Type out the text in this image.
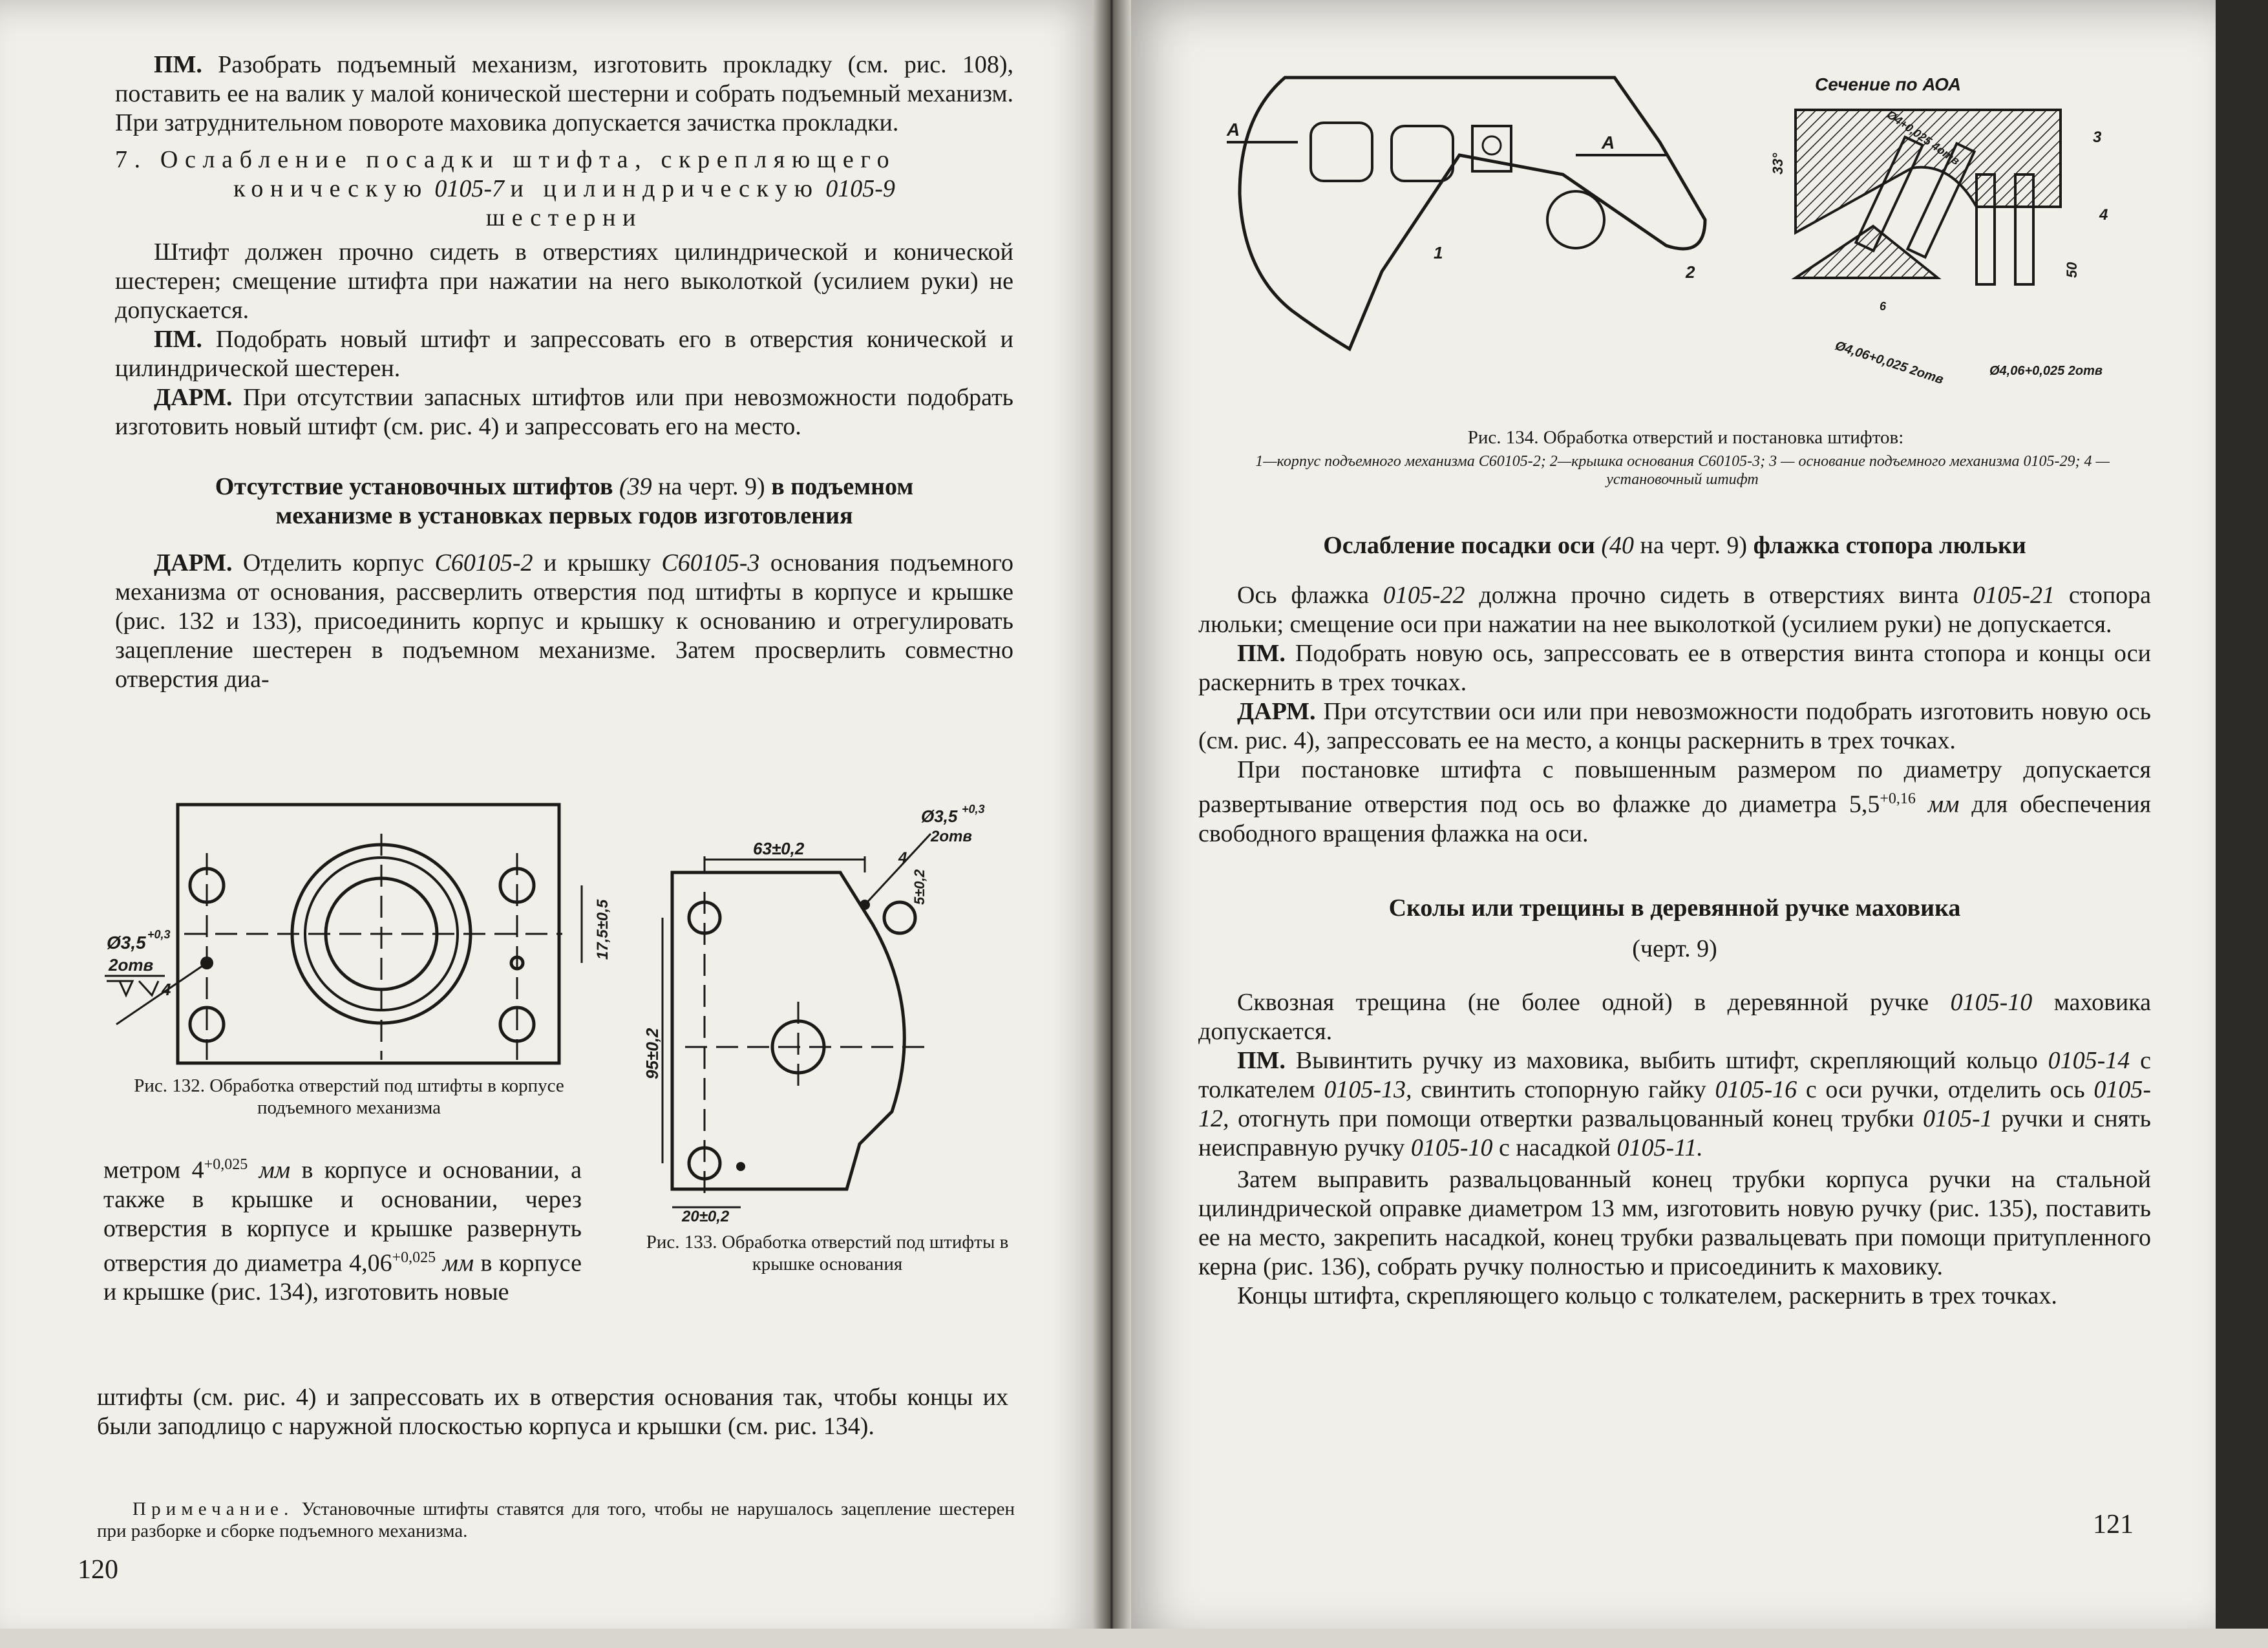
ПМ. Разобрать подъемный механизм, изготовить прокладку (см. рис. 108), поставить ее на валик у малой конической шестерни и собрать подъемный механизм. При затруднительном повороте маховика допускается зачистка прокладки.

7. Ослабление посадки штифта, скрепляющего

коническую 0105-7 и цилиндрическую 0105-9

шестерни

Штифт должен прочно сидеть в отверстиях цилиндрической и конической шестерен; смещение штифта при нажатии на него выколоткой (усилием руки) не допускается.

ПМ. Подобрать новый штифт и запрессовать его в отверстия конической и цилиндрической шестерен.

ДАРМ. При отсутствии запасных штифтов или при невозможности подобрать изготовить новый штифт (см. рис. 4) и запрессовать его на место.

Отсутствие установочных штифтов (39 на черт. 9) в подъемном механизме в установках первых годов изготовления

ДАРМ. Отделить корпус С60105-2 и крышку С60105-3 основания подъемного механизма от основания, рассверлить отверстия под штифты в корпусе и крышке (рис. 132 и 133), присоединить корпус и крышку к основанию и отрегулировать зацепление шестерен в подъемном механизме. Затем просверлить совместно отверстия диа-

Ø3,5 +0,3
2отв
4
17,5±0,5
63±0,2
95±0,2
20±0,2
5±0,2
Ø3,5 +0,3
2отв
4
Рис. 132. Обработка отверстий под штифты в корпусе подъемного механизма

метром $4^{+0,025}$ мм в корпусе и основании, а также в крышке и основании, через отверстия в корпусе и крышке развернуть отверстия до диаметра $4,06^{+0,025}$ мм в корпусе и крышке (рис. 134), изготовить новые

Рис. 133. Обработка отверстий под штифты в крышке основания

штифты (см. рис. 4) и запрессовать их в отверстия основания так, чтобы концы их были заподлицо с наружной плоскостью корпуса и крышки (см. рис. 134).

Примечание. Установочные штифты ставятся для того, чтобы не нарушалось зацепление шестерен при разборке и сборке подъемного механизма.

120
А
А
1
2
Сечение по АОА
3
4
33°
50
Ø4+0,025 4отв
Ø4,06+0,025 2отв	Ø4,06+0,025 2отв
6
Рис. 134. Обработка отверстий и постановка штифтов:
1—корпус подъемного механизма С60105-2; 2—крышка основания С60105-3; 3 — основание подъемного механизма 0105-29; 4 — установочный штифт

Ослабление посадки оси (40 на черт. 9) флажка стопора люльки

Ось флажка 0105-22 должна прочно сидеть в отверстиях винта 0105-21 стопора люльки; смещение оси при нажатии на нее выколоткой (усилием руки) не допускается.

ПМ. Подобрать новую ось, запрессовать ее в отверстия винта стопора и концы оси раскернить в трех точках.

ДАРМ. При отсутствии оси или при невозможности подобрать изготовить новую ось (см. рис. 4), запрессовать ее на место, а концы раскернить в трех точках.

При постановке штифта с повышенным размером по диаметру допускается развертывание отверстия под ось во флажке до диаметра $5,5^{+0,16}$ мм для обеспечения свободного вращения флажка на оси.

Сколы или трещины в деревянной ручке маховика

(черт. 9)

Сквозная трещина (не более одной) в деревянной ручке 0105-10 маховика допускается.

ПМ. Вывинтить ручку из маховика, выбить штифт, скрепляющий кольцо 0105-14 с толкателем 0105-13, свинтить стопорную гайку 0105-16 с оси ручки, отделить ось 0105-12, отогнуть при помощи отвертки развальцованный конец трубки 0105-1 ручки и снять неисправную ручку 0105-10 с насадкой 0105-11.

Затем выправить развальцованный конец трубки корпуса ручки на стальной цилиндрической оправке диаметром 13 мм, изготовить новую ручку (рис. 135), поставить ее на место, закрепить насадкой, конец трубки развальцевать при помощи притупленного керна (рис. 136), собрать ручку полностью и присоединить к маховику.

Концы штифта, скрепляющего кольцо с толкателем, раскернить в трех точках.

121
